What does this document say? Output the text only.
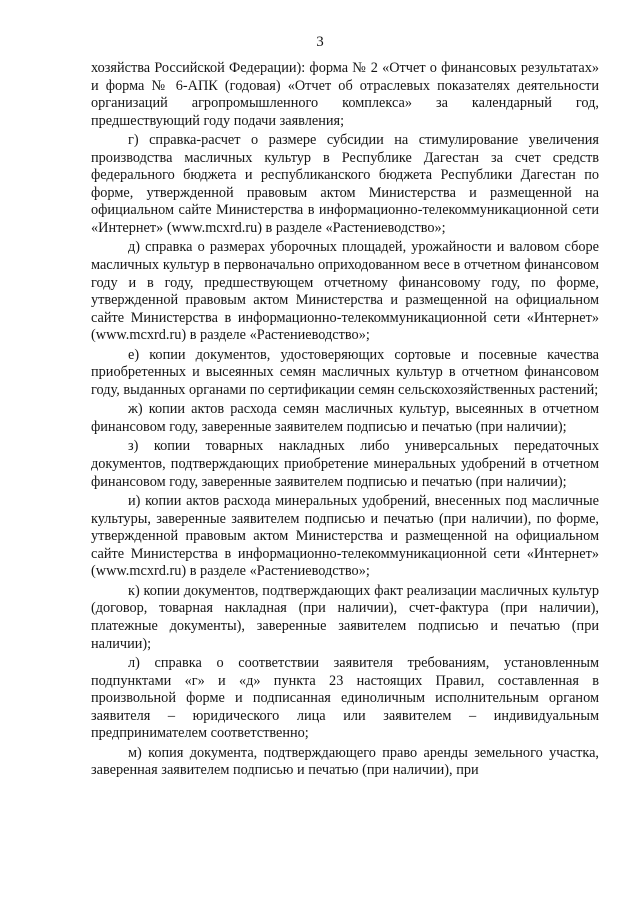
3

хозяйства Российской Федерации): форма № 2 «Отчет о финансовых результатах» и форма № 6-АПК (годовая) «Отчет об отраслевых показателях деятельности организаций агропромышленного комплекса» за календарный год, предшествующий году подачи заявления;

г) справка-расчет о размере субсидии на стимулирование увеличения производства масличных культур в Республике Дагестан за счет средств федерального бюджета и республиканского бюджета Республики Дагестан по форме, утвержденной правовым актом Министерства и размещенной на официальном сайте Министерства в информационно-телекоммуникационной сети «Интернет» (www.mcxrd.ru) в разделе «Растениеводство»;

д) справка о размерах уборочных площадей, урожайности и валовом сборе масличных культур в первоначально оприходованном весе в отчетном финансовом году и в году, предшествующем отчетному финансовому году, по форме, утвержденной правовым актом Министерства и размещенной на официальном сайте Министерства в информационно-телекоммуникационной сети «Интернет» (www.mcxrd.ru) в разделе «Растениеводство»;

е) копии документов, удостоверяющих сортовые и посевные качества приобретенных и высеянных семян масличных культур в отчетном финансовом году, выданных органами по сертификации семян сельскохозяйственных растений;

ж) копии актов расхода семян масличных культур, высеянных в отчетном финансовом году, заверенные заявителем подписью и печатью (при наличии);

з) копии товарных накладных либо универсальных передаточных документов, подтверждающих приобретение минеральных удобрений в отчетном финансовом году, заверенные заявителем подписью и печатью (при наличии);

и) копии актов расхода минеральных удобрений, внесенных под масличные культуры, заверенные заявителем подписью и печатью (при наличии), по форме, утвержденной правовым актом Министерства и размещенной на официальном сайте Министерства в информационно-телекоммуникационной сети «Интернет» (www.mcxrd.ru) в разделе «Растениеводство»;

к) копии документов, подтверждающих факт реализации масличных культур (договор, товарная накладная (при наличии), счет-фактура (при наличии), платежные документы), заверенные заявителем подписью и печатью (при наличии);

л) справка о соответствии заявителя требованиям, установленным подпунктами «г» и «д» пункта 23 настоящих Правил, составленная в произвольной форме и подписанная единоличным исполнительным органом заявителя – юридического лица или заявителем – индивидуальным предпринимателем соответственно;

м) копия документа, подтверждающего право аренды земельного участка, заверенная заявителем подписью и печатью (при наличии), при
